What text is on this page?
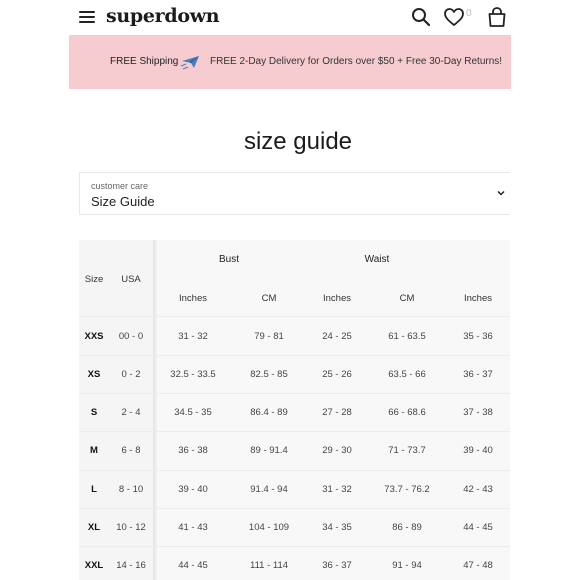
superdown	0
FREE Shipping	FREE 2-Day Delivery for Orders over $50 + Free 30-Day Returns!
size guide
customer care
Size Guide
Size	USA
Bust	Waist
Inches	CM	Inches	CM	Inches
XXS	00 - 0	31 - 32	79 - 81	24 - 25	61 - 63.5	35 - 36
XS	0 - 2	32.5 - 33.5	82.5 - 85	25 - 26	63.5 - 66	36 - 37
S	2 - 4	34.5 - 35	86.4 - 89	27 - 28	66 - 68.6	37 - 38
M	6 - 8	36 - 38	89 - 91.4	29 - 30	71 - 73.7	39 - 40
L	8 - 10	39 - 40	91.4 - 94	31 - 32	73.7 - 76.2	42 - 43
XL	10 - 12	41 - 43	104 - 109	34 - 35	86 - 89	44 - 45
XXL	14 - 16	44 - 45	111 - 114	36 - 37	91 - 94	47 - 48
